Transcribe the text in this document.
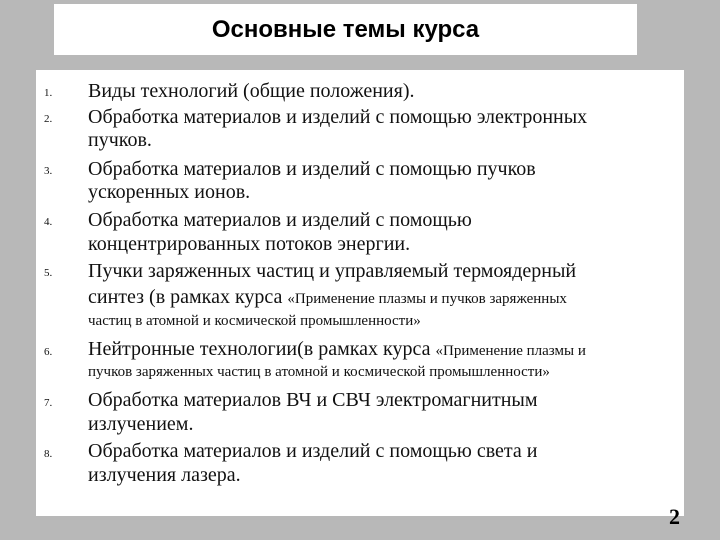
Основные темы курса
1. Виды технологий (общие положения).
2. Обработка материалов и изделий с помощью электронных
пучков.
3. Обработка материалов и изделий с помощью пучков
ускоренных ионов.
4. Обработка материалов и изделий с помощью
концентрированных потоков энергии.
5. Пучки заряженных частиц и управляемый термоядерный
синтез (в рамках курса «Применение плазмы и пучков заряженных
частиц в атомной и космической промышленности»
6. Нейтронные технологии(в рамках курса «Применение плазмы и
пучков заряженных частиц в атомной и космической промышленности»
7. Обработка материалов ВЧ и СВЧ электромагнитным
излучением.
8. Обработка материалов и изделий с помощью света и
излучения лазера.
2
